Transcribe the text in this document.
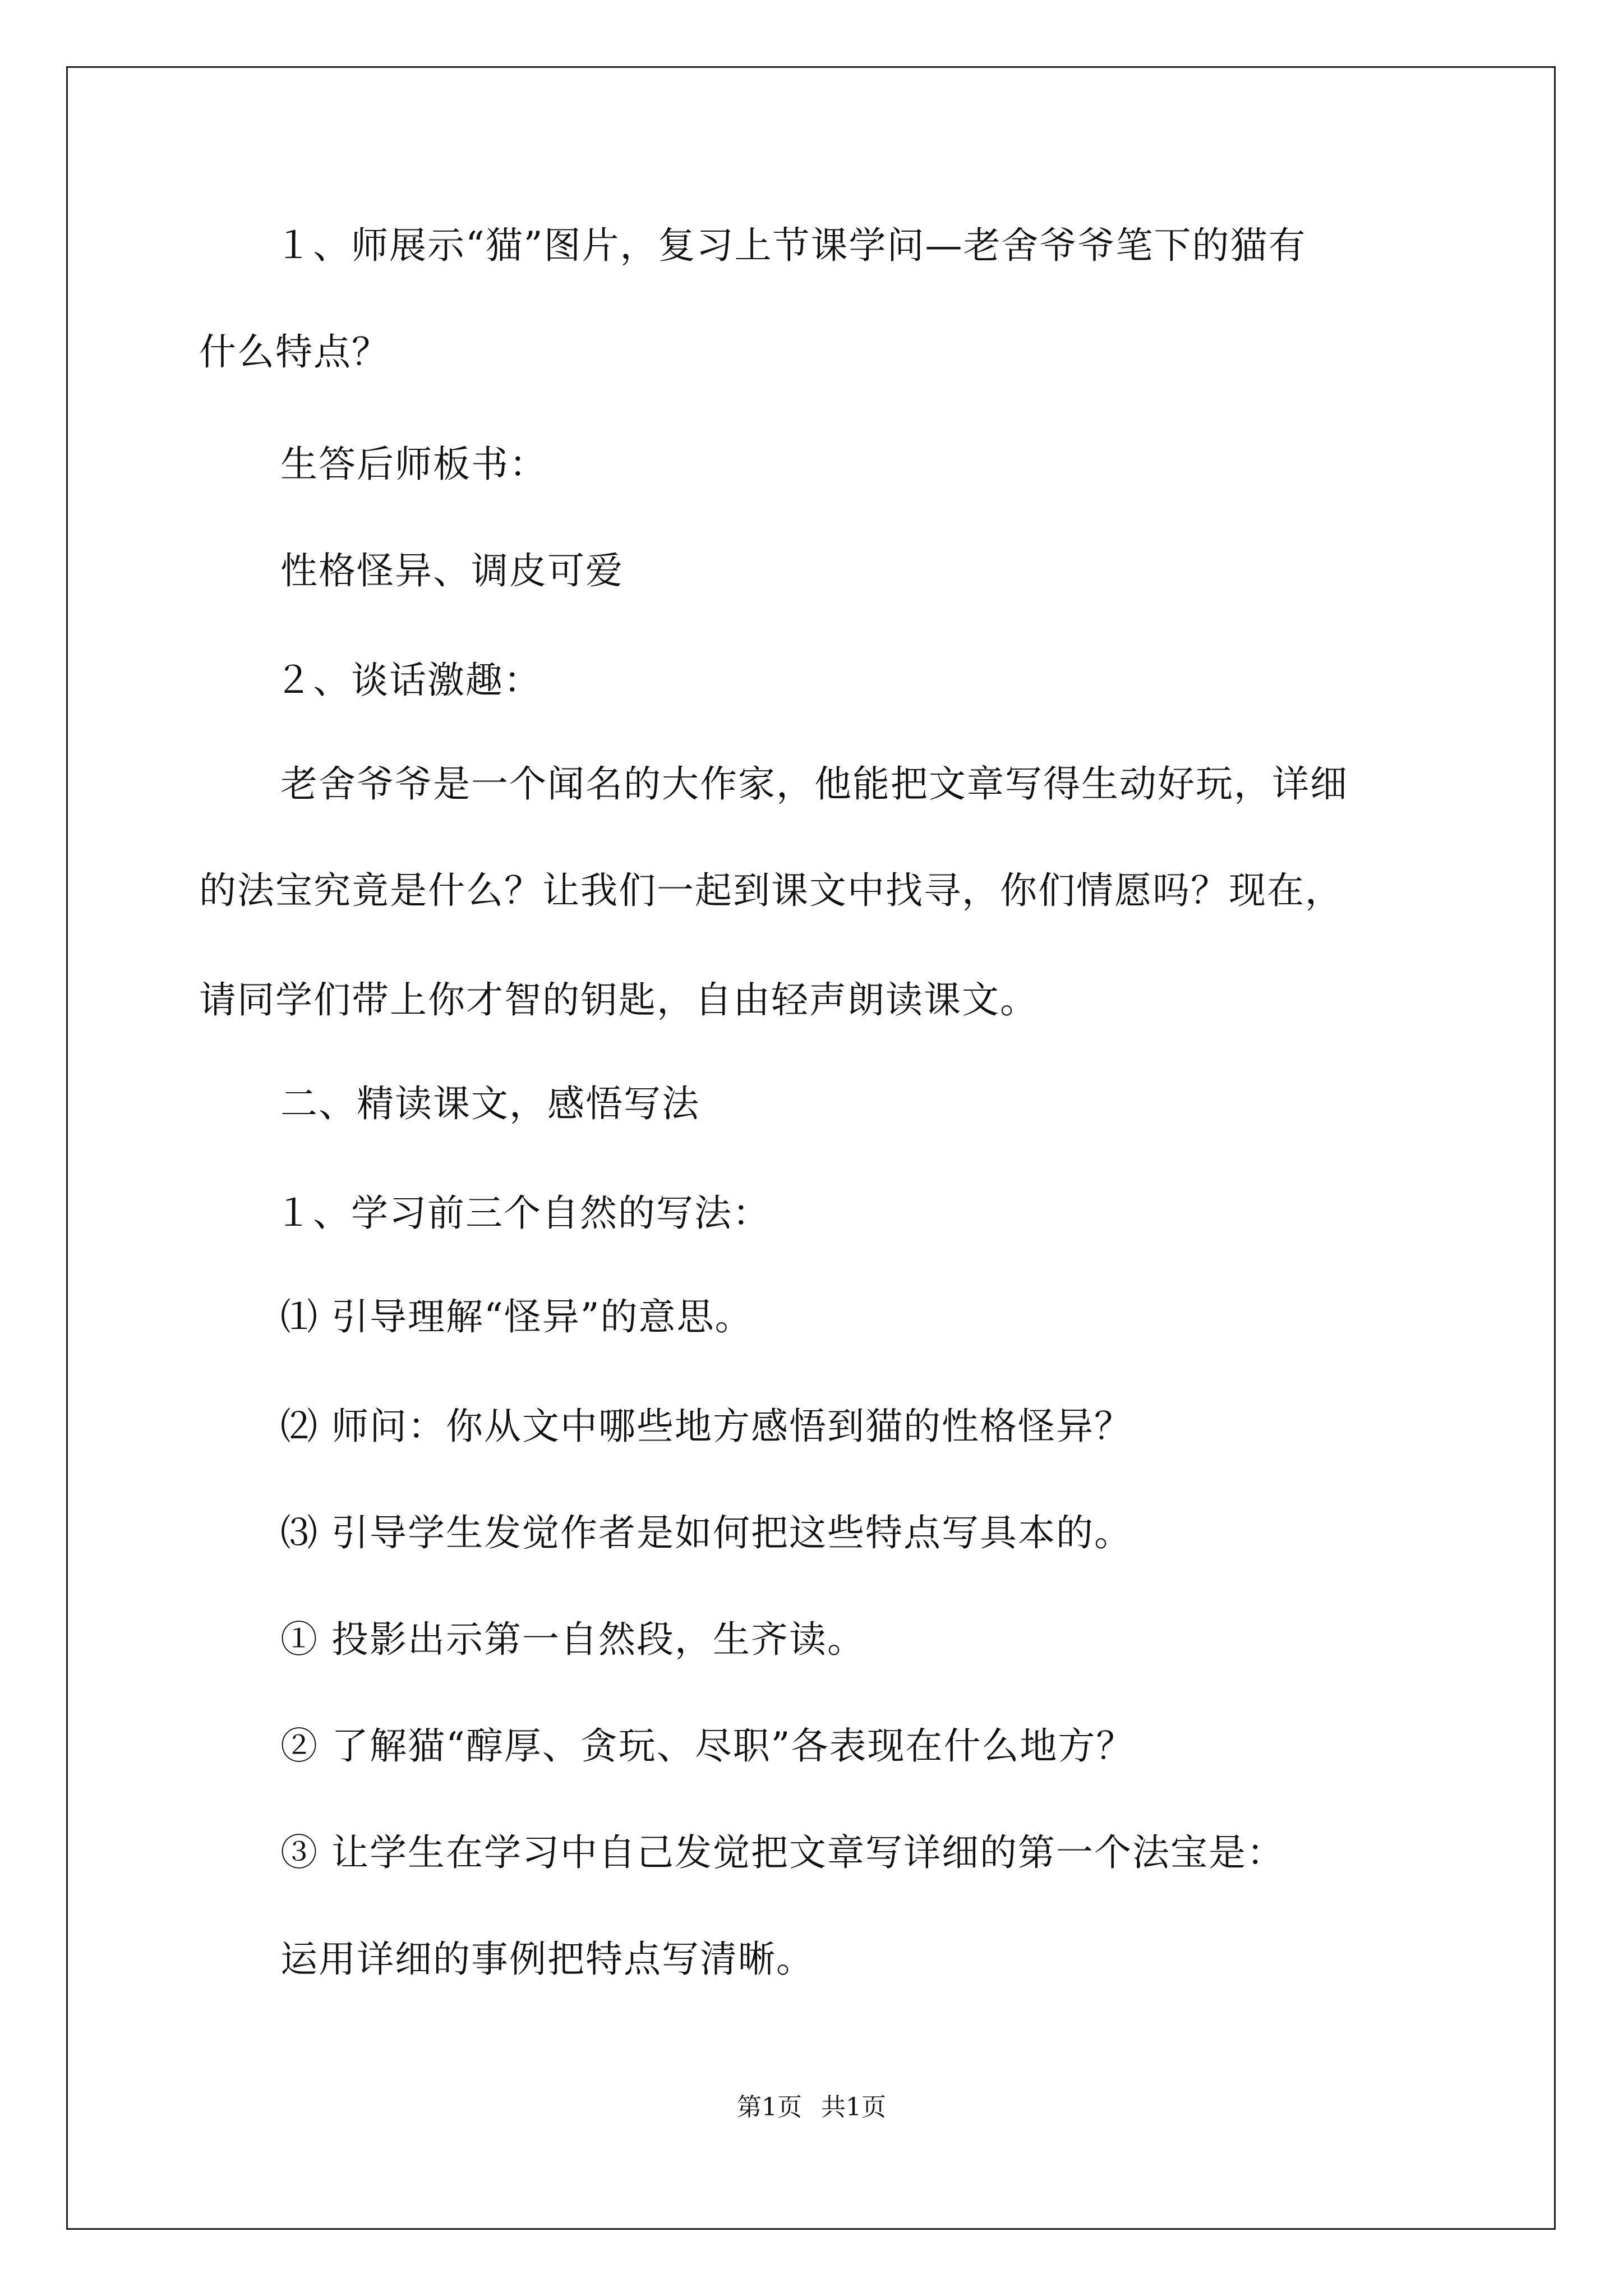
１、师展示“猫”图片，复习上节课学问—老舍爷爷笔下的猫有
什么特点？
生答后师板书：
性格怪异、调皮可爱
２、谈话激趣：
老舍爷爷是一个闻名的大作家，他能把文章写得生动好玩，详细
的法宝究竟是什么？让我们一起到课文中找寻，你们情愿吗？现在，
请同学们带上你才智的钥匙，自由轻声朗读课文。
二、精读课文，感悟写法
１、学习前三个自然的写法：
⑴ 引导理解“怪异”的意思。
⑵ 师问：你从文中哪些地方感悟到猫的性格怪异？
⑶ 引导学生发觉作者是如何把这些特点写具本的。
① 投影出示第一自然段，生齐读。
② 了解猫“醇厚、贪玩、尽职”各表现在什么地方？
③ 让学生在学习中自己发觉把文章写详细的第一个法宝是：
运用详细的事例把特点写清晰。
第1页 共1页
